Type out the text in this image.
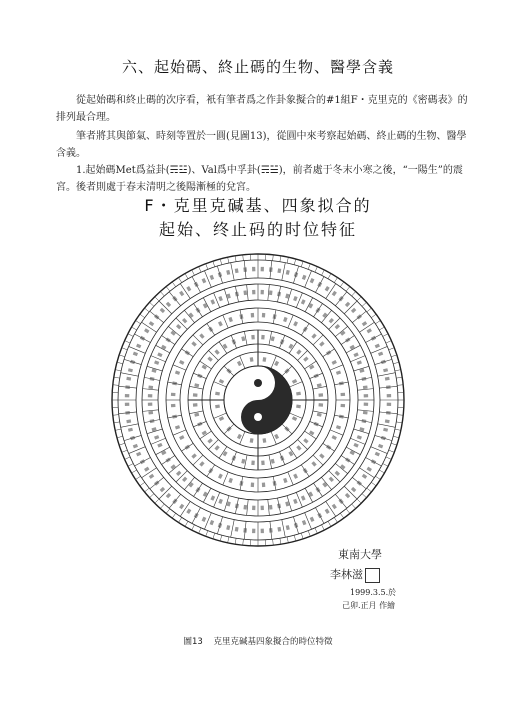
六、起始碼、終止碼的生物、醫學含義
從起始碼和終止碼的次序看，衹有筆者爲之作卦象擬合的#1組F・克里克的《密碼表》的排列最合理。
筆者將其與節氣、時刻等置於一圓(見圖13)，從圓中來考察起始碼、終止碼的生物、醫學含義。
1.起始碼Met爲益卦(☴☳)、Val爲中孚卦(☴☱)，前者處于冬末小寒之後，“一陽生”的震宮。後者則處于春末清明之後陽漸極的兌宮。
F・克里克碱基、四象拟合的
起始、终止码的时位特征
東南大學
李林滋
1999.3.5.於
己卯.正月 作繪
圖13 克里克碱基四象擬合的時位特徵
